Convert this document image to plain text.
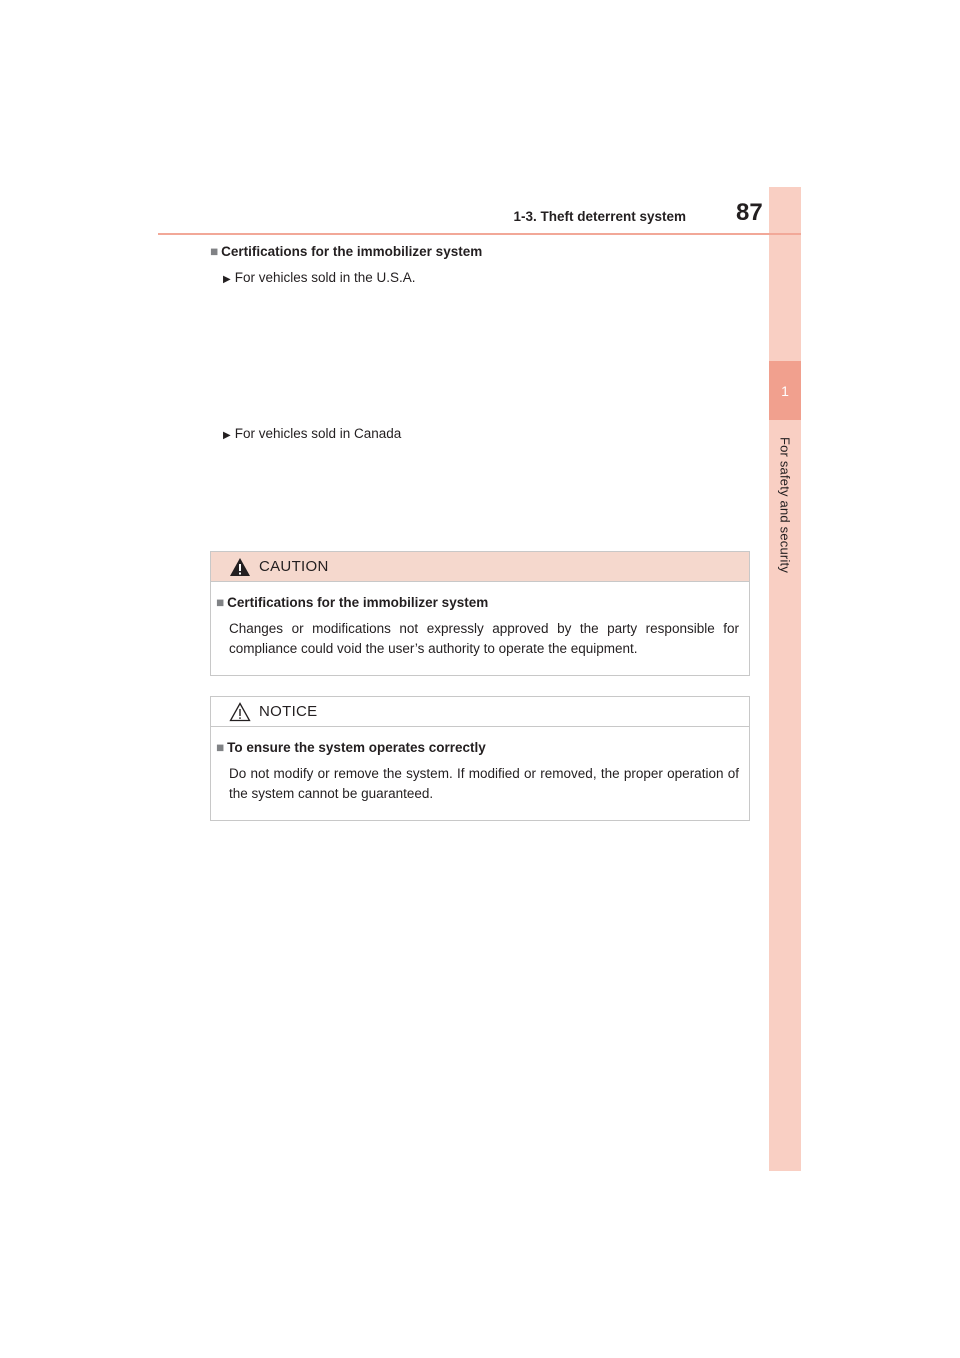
1
For safety and security
1-3. Theft deterrent system 87
■ Certifications for the immobilizer system
▶ For vehicles sold in the U.S.A.
▶ For vehicles sold in Canada
CAUTION
■ Certifications for the immobilizer system
Changes or modifications not expressly approved by the party responsible for compliance could void the user’s authority to operate the equipment.
NOTICE
■ To ensure the system operates correctly
Do not modify or remove the system. If modified or removed, the proper operation of the system cannot be guaranteed.
